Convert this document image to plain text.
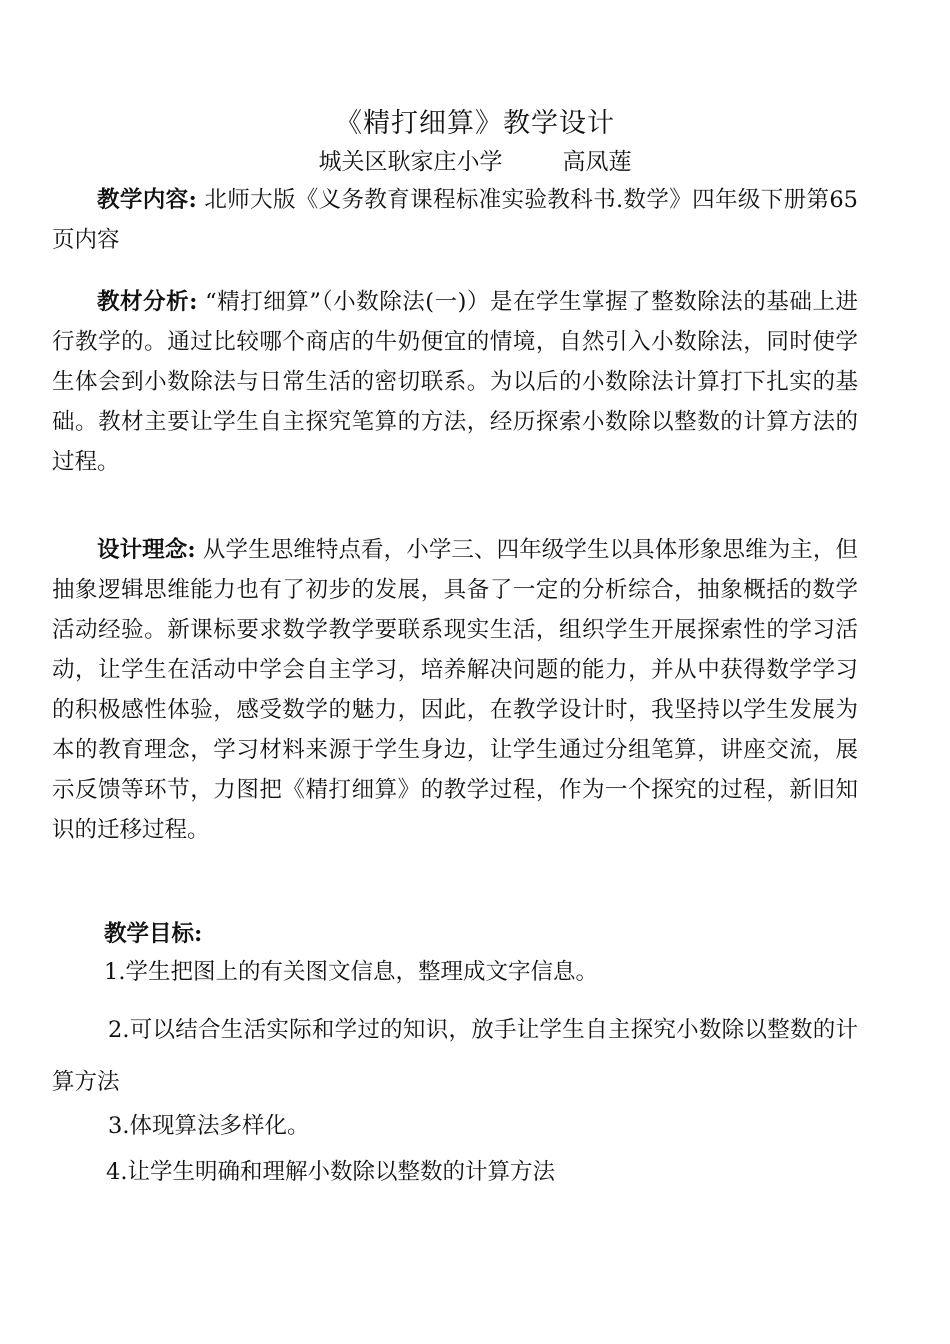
《精打细算》教学设计
城关区耿家庄小学	高凤莲
教学内容: 北师大版《义务教育课程标准实验教科书.数学》四年级下册第65页内容
教材分析: “精打细算”（小数除法(一)）是在学生掌握了整数除法的基础上进行教学的。通过比较哪个商店的牛奶便宜的情境，自然引入小数除法，同时使学生体会到小数除法与日常生活的密切联系。为以后的小数除法计算打下扎实的基础。教材主要让学生自主探究笔算的方法，经历探索小数除以整数的计算方法的过程。
设计理念: 从学生思维特点看，小学三、四年级学生以具体形象思维为主，但抽象逻辑思维能力也有了初步的发展，具备了一定的分析综合，抽象概括的数学活动经验。新课标要求数学教学要联系现实生活，组织学生开展探索性的学习活动，让学生在活动中学会自主学习，培养解决问题的能力，并从中获得数学学习的积极感性体验，感受数学的魅力，因此，在教学设计时，我坚持以学生发展为本的教育理念，学习材料来源于学生身边，让学生通过分组笔算，讲座交流，展示反馈等环节，力图把《精打细算》的教学过程，作为一个探究的过程，新旧知识的迁移过程。
教学目标:
1.学生把图上的有关图文信息，整理成文字信息。
2.可以结合生活实际和学过的知识，放手让学生自主探究小数除以整数的计算方法
3.体现算法多样化。
4.让学生明确和理解小数除以整数的计算方法
